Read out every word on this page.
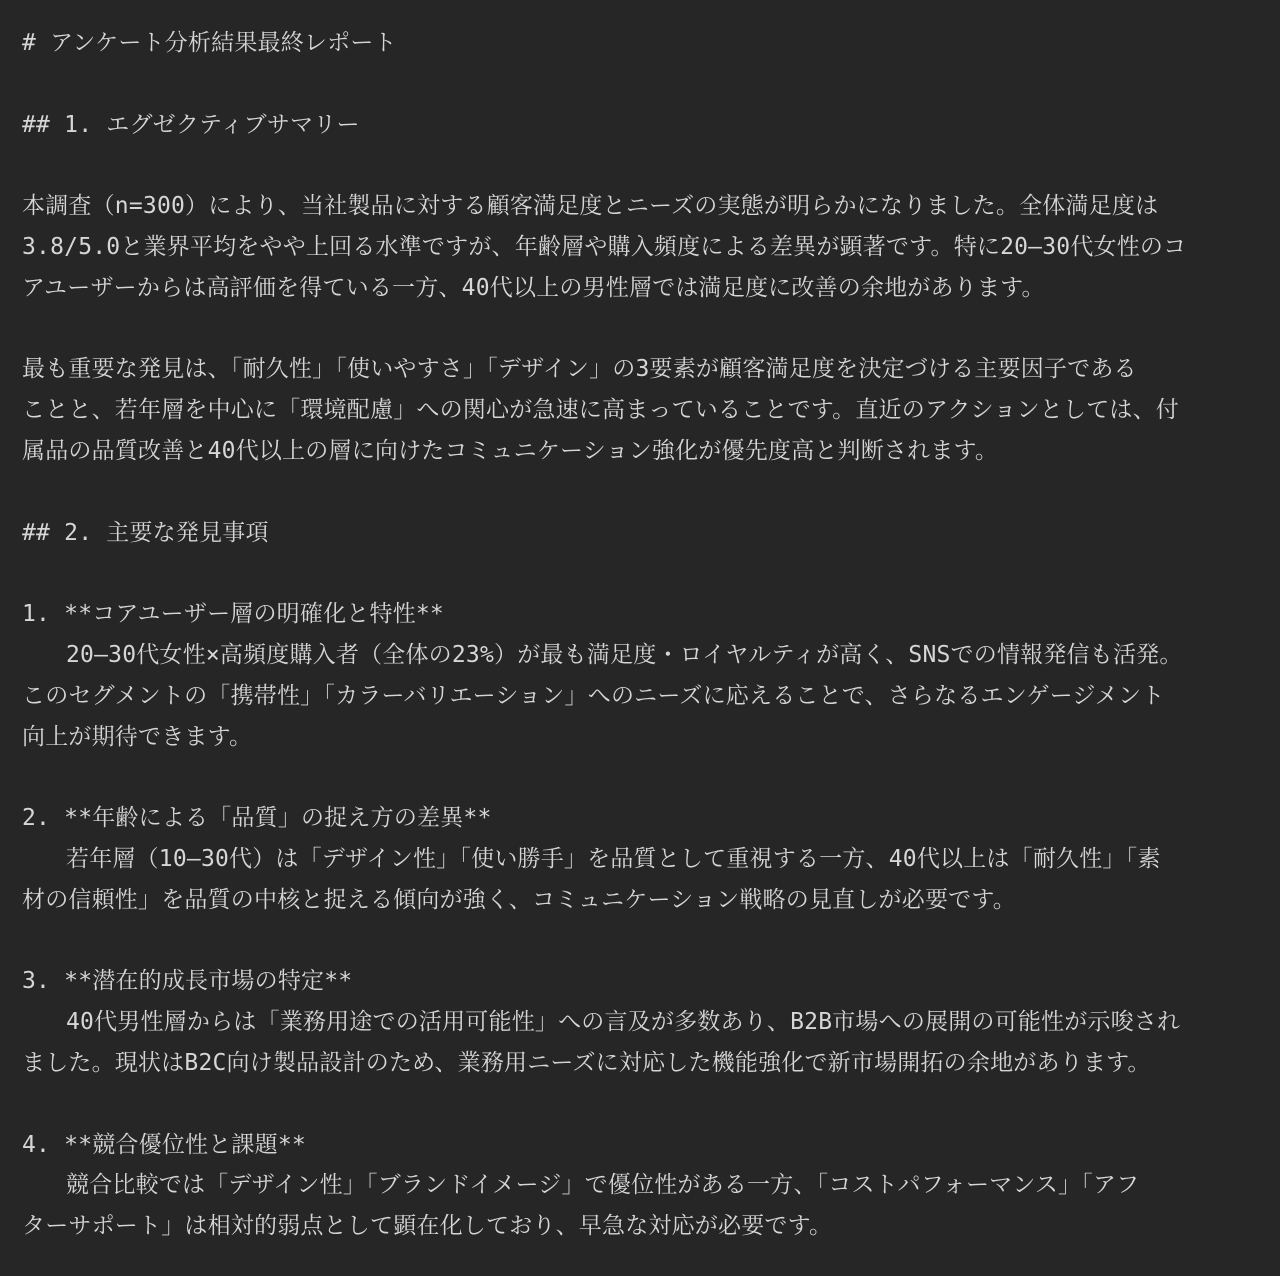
# アンケート分析結果最終レポート
## 1. エグゼクティブサマリー
本調査（n=300）により、当社製品に対する顧客満足度とニーズの実態が明らかになりました。全体満足度は
3.8/5.0と業界平均をやや上回る水準ですが、年齢層や購入頻度による差異が顕著です。特に20–30代女性のコ
アユーザーからは高評価を得ている一方、40代以上の男性層では満足度に改善の余地があります。
最も重要な発見は、「耐久性」「使いやすさ」「デザイン」の3要素が顧客満足度を決定づける主要因子である
ことと、若年層を中心に「環境配慮」への関心が急速に高まっていることです。直近のアクションとしては、付
属品の品質改善と40代以上の層に向けたコミュニケーション強化が優先度高と判断されます。
## 2. 主要な発見事項
1. **コアユーザー層の明確化と特性**
20–30代女性×高頻度購入者（全体の23%）が最も満足度・ロイヤルティが高く、SNSでの情報発信も活発。
このセグメントの「携帯性」「カラーバリエーション」へのニーズに応えることで、さらなるエンゲージメント
向上が期待できます。
2. **年齢による「品質」の捉え方の差異**
若年層（10–30代）は「デザイン性」「使い勝手」を品質として重視する一方、40代以上は「耐久性」「素
材の信頼性」を品質の中核と捉える傾向が強く、コミュニケーション戦略の見直しが必要です。
3. **潜在的成長市場の特定**
40代男性層からは「業務用途での活用可能性」への言及が多数あり、B2B市場への展開の可能性が示唆され
ました。現状はB2C向け製品設計のため、業務用ニーズに対応した機能強化で新市場開拓の余地があります。
4. **競合優位性と課題**
競合比較では「デザイン性」「ブランドイメージ」で優位性がある一方、「コストパフォーマンス」「アフ
ターサポート」は相対的弱点として顕在化しており、早急な対応が必要です。
